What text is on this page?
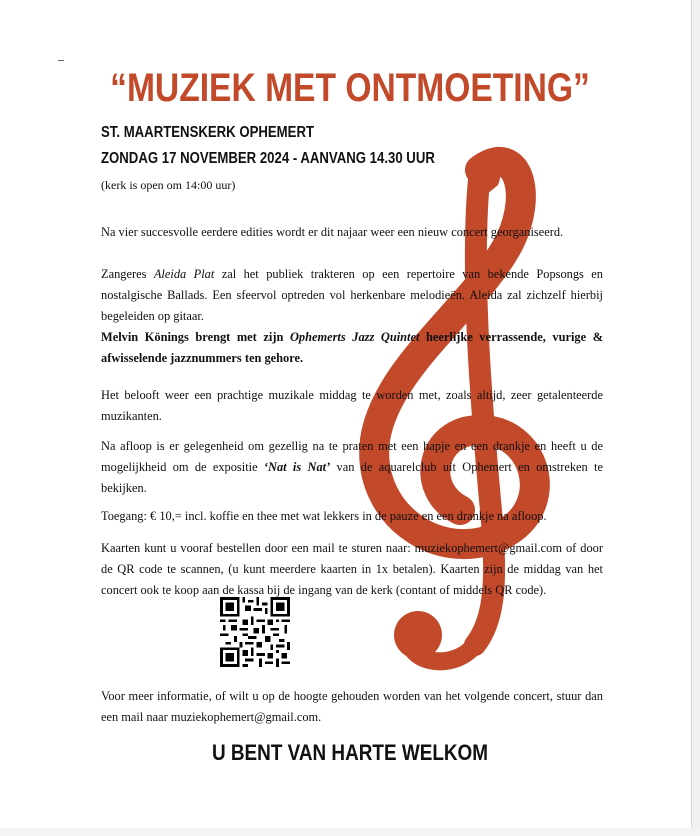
“MUZIEK MET ONTMOETING”
ST. MAARTENSKERK OPHEMERT
ZONDAG 17 NOVEMBER 2024 - AANVANG 14.30 UUR
(kerk is open om 14:00 uur)
Na vier succesvolle eerdere edities wordt er dit najaar weer een nieuw concert georganiseerd.
Zangeres Aleida Plat zal het publiek trakteren op een repertoire van bekende Popsongs en nostalgische Ballads. Een sfeervol optreden vol herkenbare melodieën. Aleida zal zichzelf hierbij begeleiden op gitaar.
Melvin Könings brengt met zijn Ophemerts Jazz Quintet heerlijke verrassende, vurige & afwisselende jazznummers ten gehore.
Het belooft weer een prachtige muzikale middag te worden met, zoals altijd, zeer getalenteerde muzikanten.
Na afloop is er gelegenheid om gezellig na te praten met een hapje en een drankje en heeft u de mogelijkheid om de expositie ‘Nat is Nat’ van de aquarelclub uit Ophemert en omstreken te bekijken.
Toegang: € 10,= incl. koffie en thee met wat lekkers in de pauze en een drankje na afloop.
Kaarten kunt u vooraf bestellen door een mail te sturen naar: muziekophemert@gmail.com of door de QR code te scannen, (u kunt meerdere kaarten in 1x betalen). Kaarten zijn de middag van het concert ook te koop aan de kassa bij de ingang van de kerk (contant of middels QR code).
Voor meer informatie, of wilt u op de hoogte gehouden worden van het volgende concert, stuur dan een mail naar muziekophemert@gmail.com.
U BENT VAN HARTE WELKOM
